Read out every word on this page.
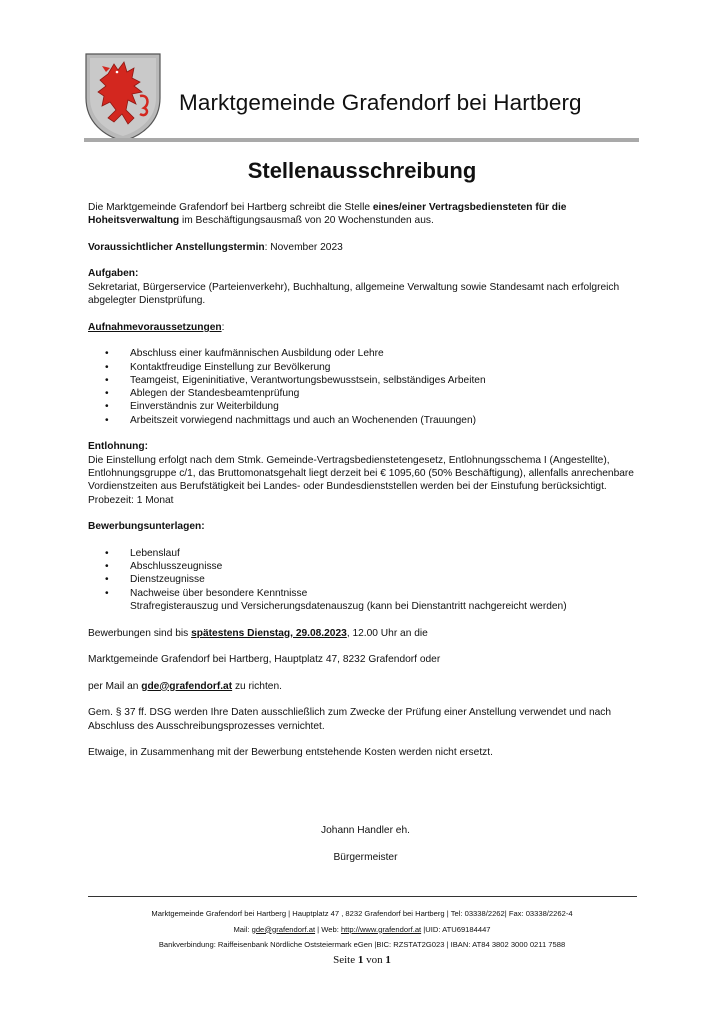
Marktgemeinde Grafendorf bei Hartberg
Stellenausschreibung

Die Marktgemeinde Grafendorf bei Hartberg schreibt die Stelle eines/einer Vertragsbediensteten für die Hoheitsverwaltung im Beschäftigungsausmaß von 20 Wochenstunden aus.

Voraussichtlicher Anstellungstermin: November 2023

Aufgaben:
Sekretariat, Bürgerservice (Parteienverkehr), Buchhaltung, allgemeine Verwaltung sowie Standesamt nach erfolgreich abgelegter Dienstprüfung.

Aufnahmevoraussetzungen:

• Abschluss einer kaufmännischen Ausbildung oder Lehre
• Kontaktfreudige Einstellung zur Bevölkerung
• Teamgeist, Eigeninitiative, Verantwortungsbewusstsein, selbständiges Arbeiten
• Ablegen der Standesbeamtenprüfung
• Einverständnis zur Weiterbildung
• Arbeitszeit vorwiegend nachmittags und auch an Wochenenden (Trauungen)

Entlohnung:
Die Einstellung erfolgt nach dem Stmk. Gemeinde-Vertragsbedienstetengesetz, Entlohnungsschema I (Angestellte), Entlohnungsgruppe c/1, das Bruttomonatsgehalt liegt derzeit bei € 1095,60 (50% Beschäftigung), allenfalls anrechenbare Vordienstzeiten aus Berufstätigkeit bei Landes- oder Bundesdienststellen werden bei der Einstufung berücksichtigt.
Probezeit: 1 Monat

Bewerbungsunterlagen:

• Lebenslauf
• Abschlusszeugnisse
• Dienstzeugnisse
• Nachweise über besondere Kenntnisse
Strafregisterauszug und Versicherungsdatenauszug (kann bei Dienstantritt nachgereicht werden)

Bewerbungen sind bis spätestens Dienstag, 29.08.2023, 12.00 Uhr an die

Marktgemeinde Grafendorf bei Hartberg, Hauptplatz 47, 8232 Grafendorf oder

per Mail an gde@grafendorf.at zu richten.

Gem. § 37 ff. DSG werden Ihre Daten ausschließlich zum Zwecke der Prüfung einer Anstellung verwendet und nach Abschluss des Ausschreibungsprozesses vernichtet.

Etwaige, in Zusammenhang mit der Bewerbung entstehende Kosten werden nicht ersetzt.

Johann Handler eh.
Bürgermeister
Marktgemeinde Grafendorf bei Hartberg | Hauptplatz 47 , 8232 Grafendorf bei Hartberg | Tel: 03338/2262| Fax: 03338/2262-4
Mail: gde@grafendorf.at | Web: http://www.grafendorf.at |UID: ATU69184447
Bankverbindung: Raiffeisenbank Nördliche Oststeiermark eGen |BIC: RZSTAT2G023 | IBAN: AT84 3802 3000 0211 7588
Seite 1 von 1
